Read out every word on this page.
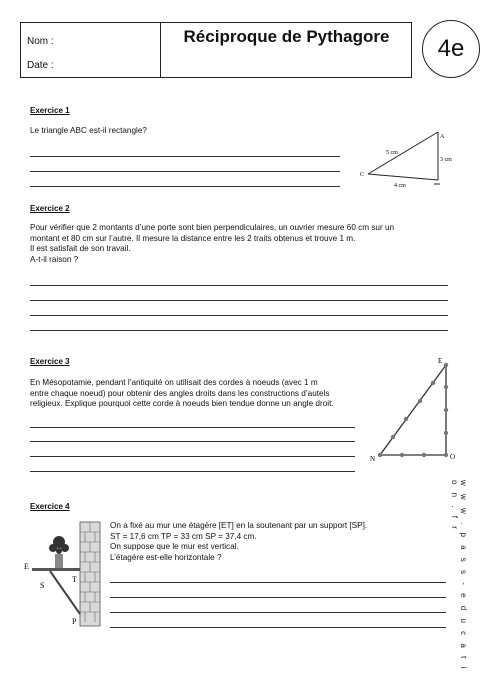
Nom :
Date :
Réciproque de Pythagore	4e
Exercice 1
Le triangle ABC est-il rectangle?
A
C
5 cm
3 cm
4 cm
Exercice 2
Pour vérifier que 2 montants d’une porte sont bien perpendiculaires, un ouvrier mesure 60 cm sur un
montant et 80 cm sur l’autre. Il mesure la distance entre les 2 traits obtenus et trouve 1 m.
Il est satisfait de son travail.
A-t-il raison ?
Exercice 3
En Mésopotamie, pendant l’antiquité on utilisait des cordes à noeuds (avec 1 m
entre chaque noeud) pour obtenir des angles droits dans les constructions d’autels
religieux. Explique pourquoi cette corde à noeuds bien tendue donne un angle droit.
E
N	O
Exercice 4
On a fixé au mur une étagère [ET] en la soutenant par un support [SP].
ST = 17,6 cm TP = 33 cm SP = 37,4 cm.
On suppose que le mur est vertical.
L’étagère est-elle horizontale ?
E
S
T
P	w w w . p a s s - e d u c a t i o n . f r
